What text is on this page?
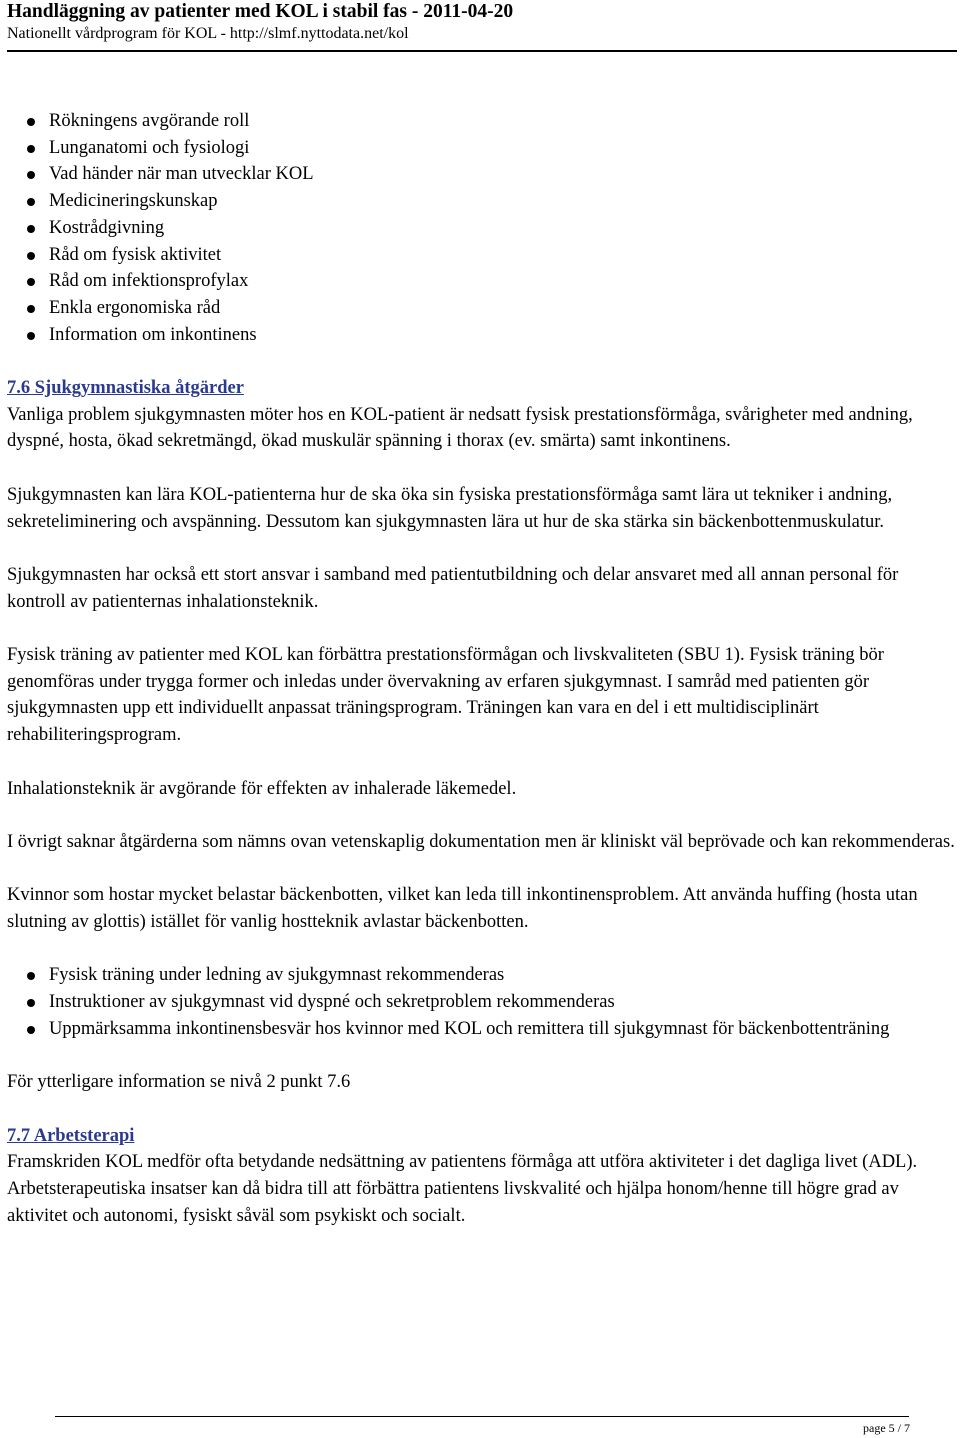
Handläggning av patienter med KOL i stabil fas - 2011-04-20
Nationellt vårdprogram för KOL - http://slmf.nyttodata.net/kol
Rökningens avgörande roll
Lunganatomi och fysiologi
Vad händer när man utvecklar KOL
Medicineringskunskap
Kostrådgivning
Råd om fysisk aktivitet
Råd om infektionsprofylax
Enkla ergonomiska råd
Information om inkontinens
7.6 Sjukgymnastiska åtgärder

Vanliga problem sjukgymnasten möter hos en KOL-patient är nedsatt fysisk prestationsförmåga, svårigheter med andning, dyspné, hosta, ökad sekretmängd, ökad muskulär spänning i thorax (ev. smärta) samt inkontinens.

Sjukgymnasten kan lära KOL-patienterna hur de ska öka sin fysiska prestationsförmåga samt lära ut tekniker i andning, sekreteliminering och avspänning. Dessutom kan sjukgymnasten lära ut hur de ska stärka sin bäckenbottenmuskulatur.

Sjukgymnasten har också ett stort ansvar i samband med patientutbildning och delar ansvaret med all annan personal för kontroll av patienternas inhalationsteknik.

Fysisk träning av patienter med KOL kan förbättra prestationsförmågan och livskvaliteten (SBU 1). Fysisk träning bör genomföras under trygga former och inledas under övervakning av erfaren sjukgymnast. I samråd med patienten gör sjukgymnasten upp ett individuellt anpassat träningsprogram. Träningen kan vara en del i ett multidisciplinärt rehabiliteringsprogram.

Inhalationsteknik är avgörande för effekten av inhalerade läkemedel.

I övrigt saknar åtgärderna som nämns ovan vetenskaplig dokumentation men är kliniskt väl beprövade och kan rekommenderas.

Kvinnor som hostar mycket belastar bäckenbotten, vilket kan leda till inkontinensproblem. Att använda huffing (hosta utan slutning av glottis) istället för vanlig hostteknik avlastar bäckenbotten.

Fysisk träning under ledning av sjukgymnast rekommenderas
Instruktioner av sjukgymnast vid dyspné och sekretproblem rekommenderas
Uppmärksamma inkontinensbesvär hos kvinnor med KOL och remittera till sjukgymnast för bäckenbottenträning

För ytterligare information se nivå 2 punkt 7.6

7.7 Arbetsterapi

Framskriden KOL medför ofta betydande nedsättning av patientens förmåga att utföra aktiviteter i det dagliga livet (ADL). Arbetsterapeutiska insatser kan då bidra till att förbättra patientens livskvalité och hjälpa honom/henne till högre grad av aktivitet och autonomi, fysiskt såväl som psykiskt och socialt.

page 5 / 7
